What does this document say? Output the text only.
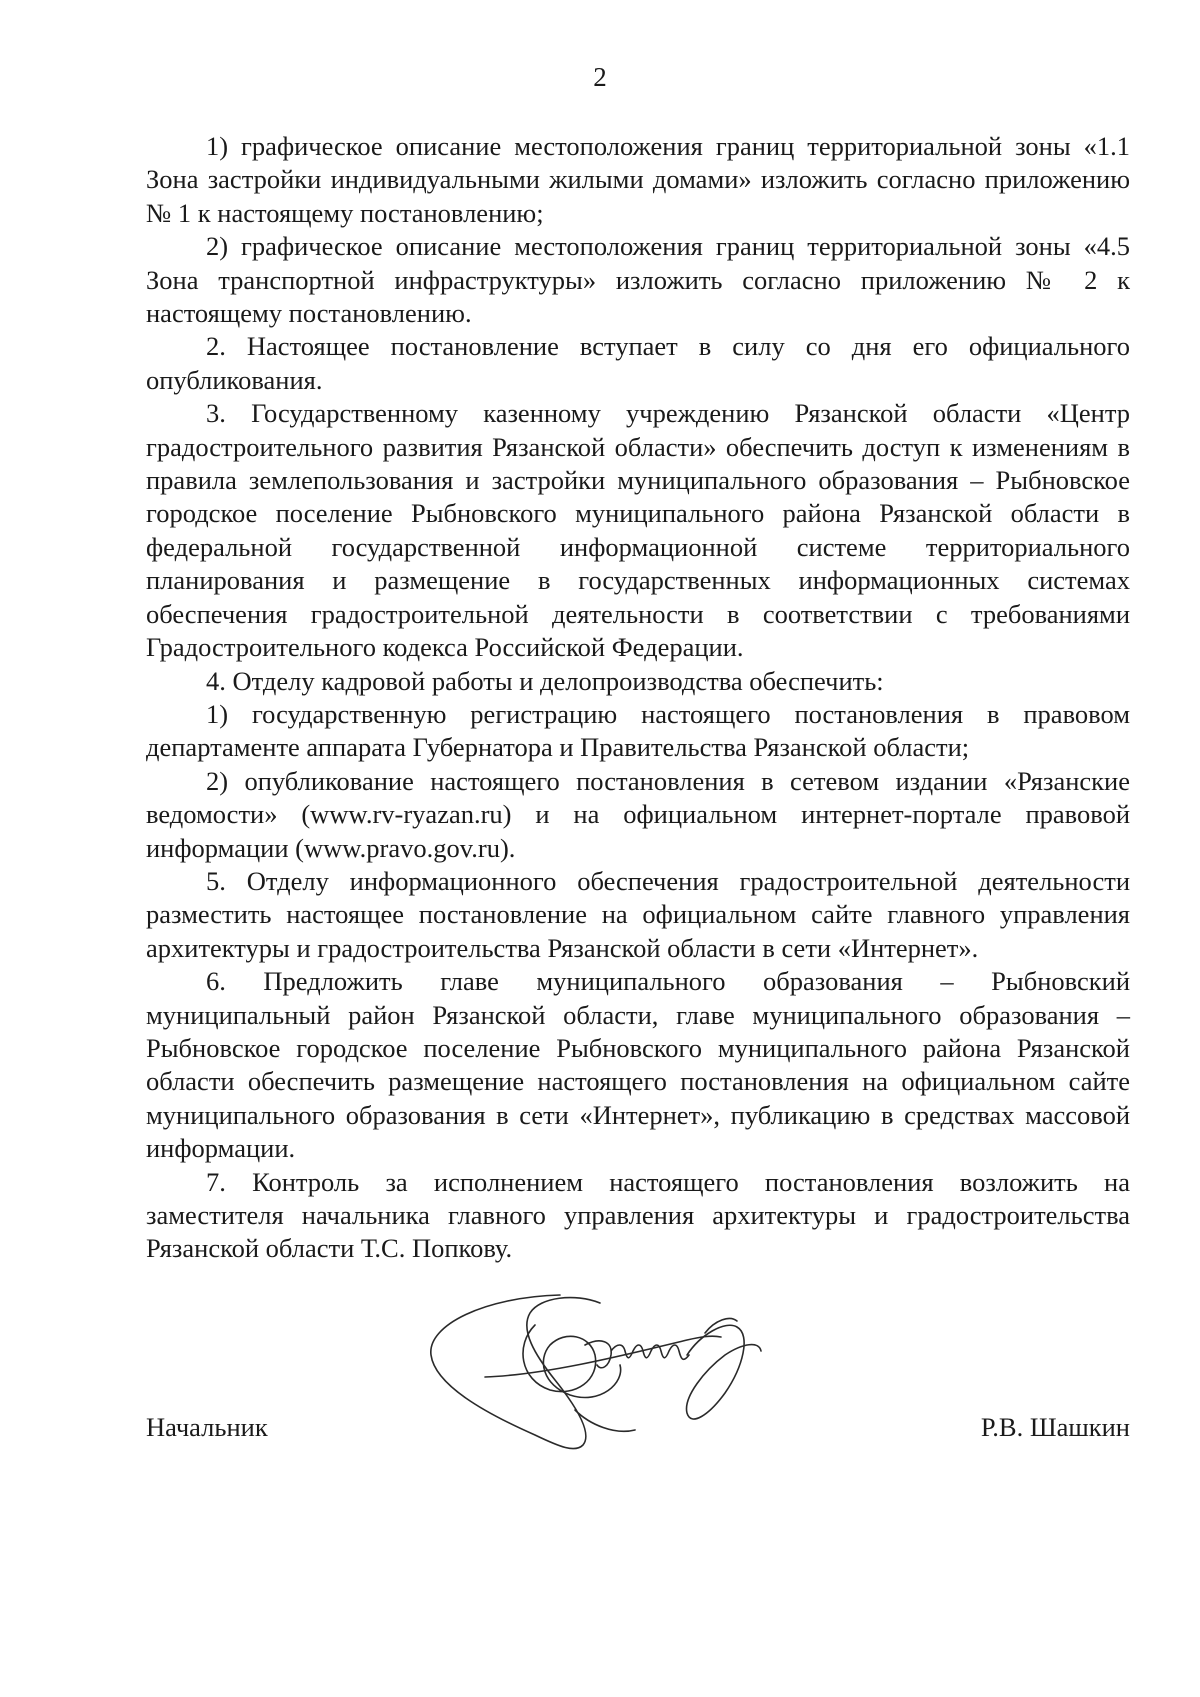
2

1) графическое описание местоположения границ территориальной зоны «1.1 Зона застройки индивидуальными жилыми домами» изложить согласно приложению № 1 к настоящему постановлению;

2) графическое описание местоположения границ территориальной зоны «4.5 Зона транспортной инфраструктуры» изложить согласно приложению № 2 к настоящему постановлению.

2. Настоящее постановление вступает в силу со дня его официального опубликования.

3. Государственному казенному учреждению Рязанской области «Центр градостроительного развития Рязанской области» обеспечить доступ к изменениям в правила землепользования и застройки муниципального образования – Рыбновское городское поселение Рыбновского муниципального района Рязанской области в федеральной государственной информационной системе территориального планирования и размещение в государственных информационных системах обеспечения градостроительной деятельности в соответствии с требованиями Градостроительного кодекса Российской Федерации.

4. Отделу кадровой работы и делопроизводства обеспечить:

1) государственную регистрацию настоящего постановления в правовом департаменте аппарата Губернатора и Правительства Рязанской области;

2) опубликование настоящего постановления в сетевом издании «Рязанские ведомости» (www.rv-ryazan.ru) и на официальном интернет-портале правовой информации (www.pravo.gov.ru).

5. Отделу информационного обеспечения градостроительной деятельности разместить настоящее постановление на официальном сайте главного управления архитектуры и градостроительства Рязанской области в сети «Интернет».

6. Предложить главе муниципального образования – Рыбновский муниципальный район Рязанской области, главе муниципального образования – Рыбновское городское поселение Рыбновского муниципального района Рязанской области обеспечить размещение настоящего постановления на официальном сайте муниципального образования в сети «Интернет», публикацию в средствах массовой информации.

7. Контроль за исполнением настоящего постановления возложить на заместителя начальника главного управления архитектуры и градостроительства Рязанской области Т.С. Попкову.

Начальник	Р.В. Шашкин
